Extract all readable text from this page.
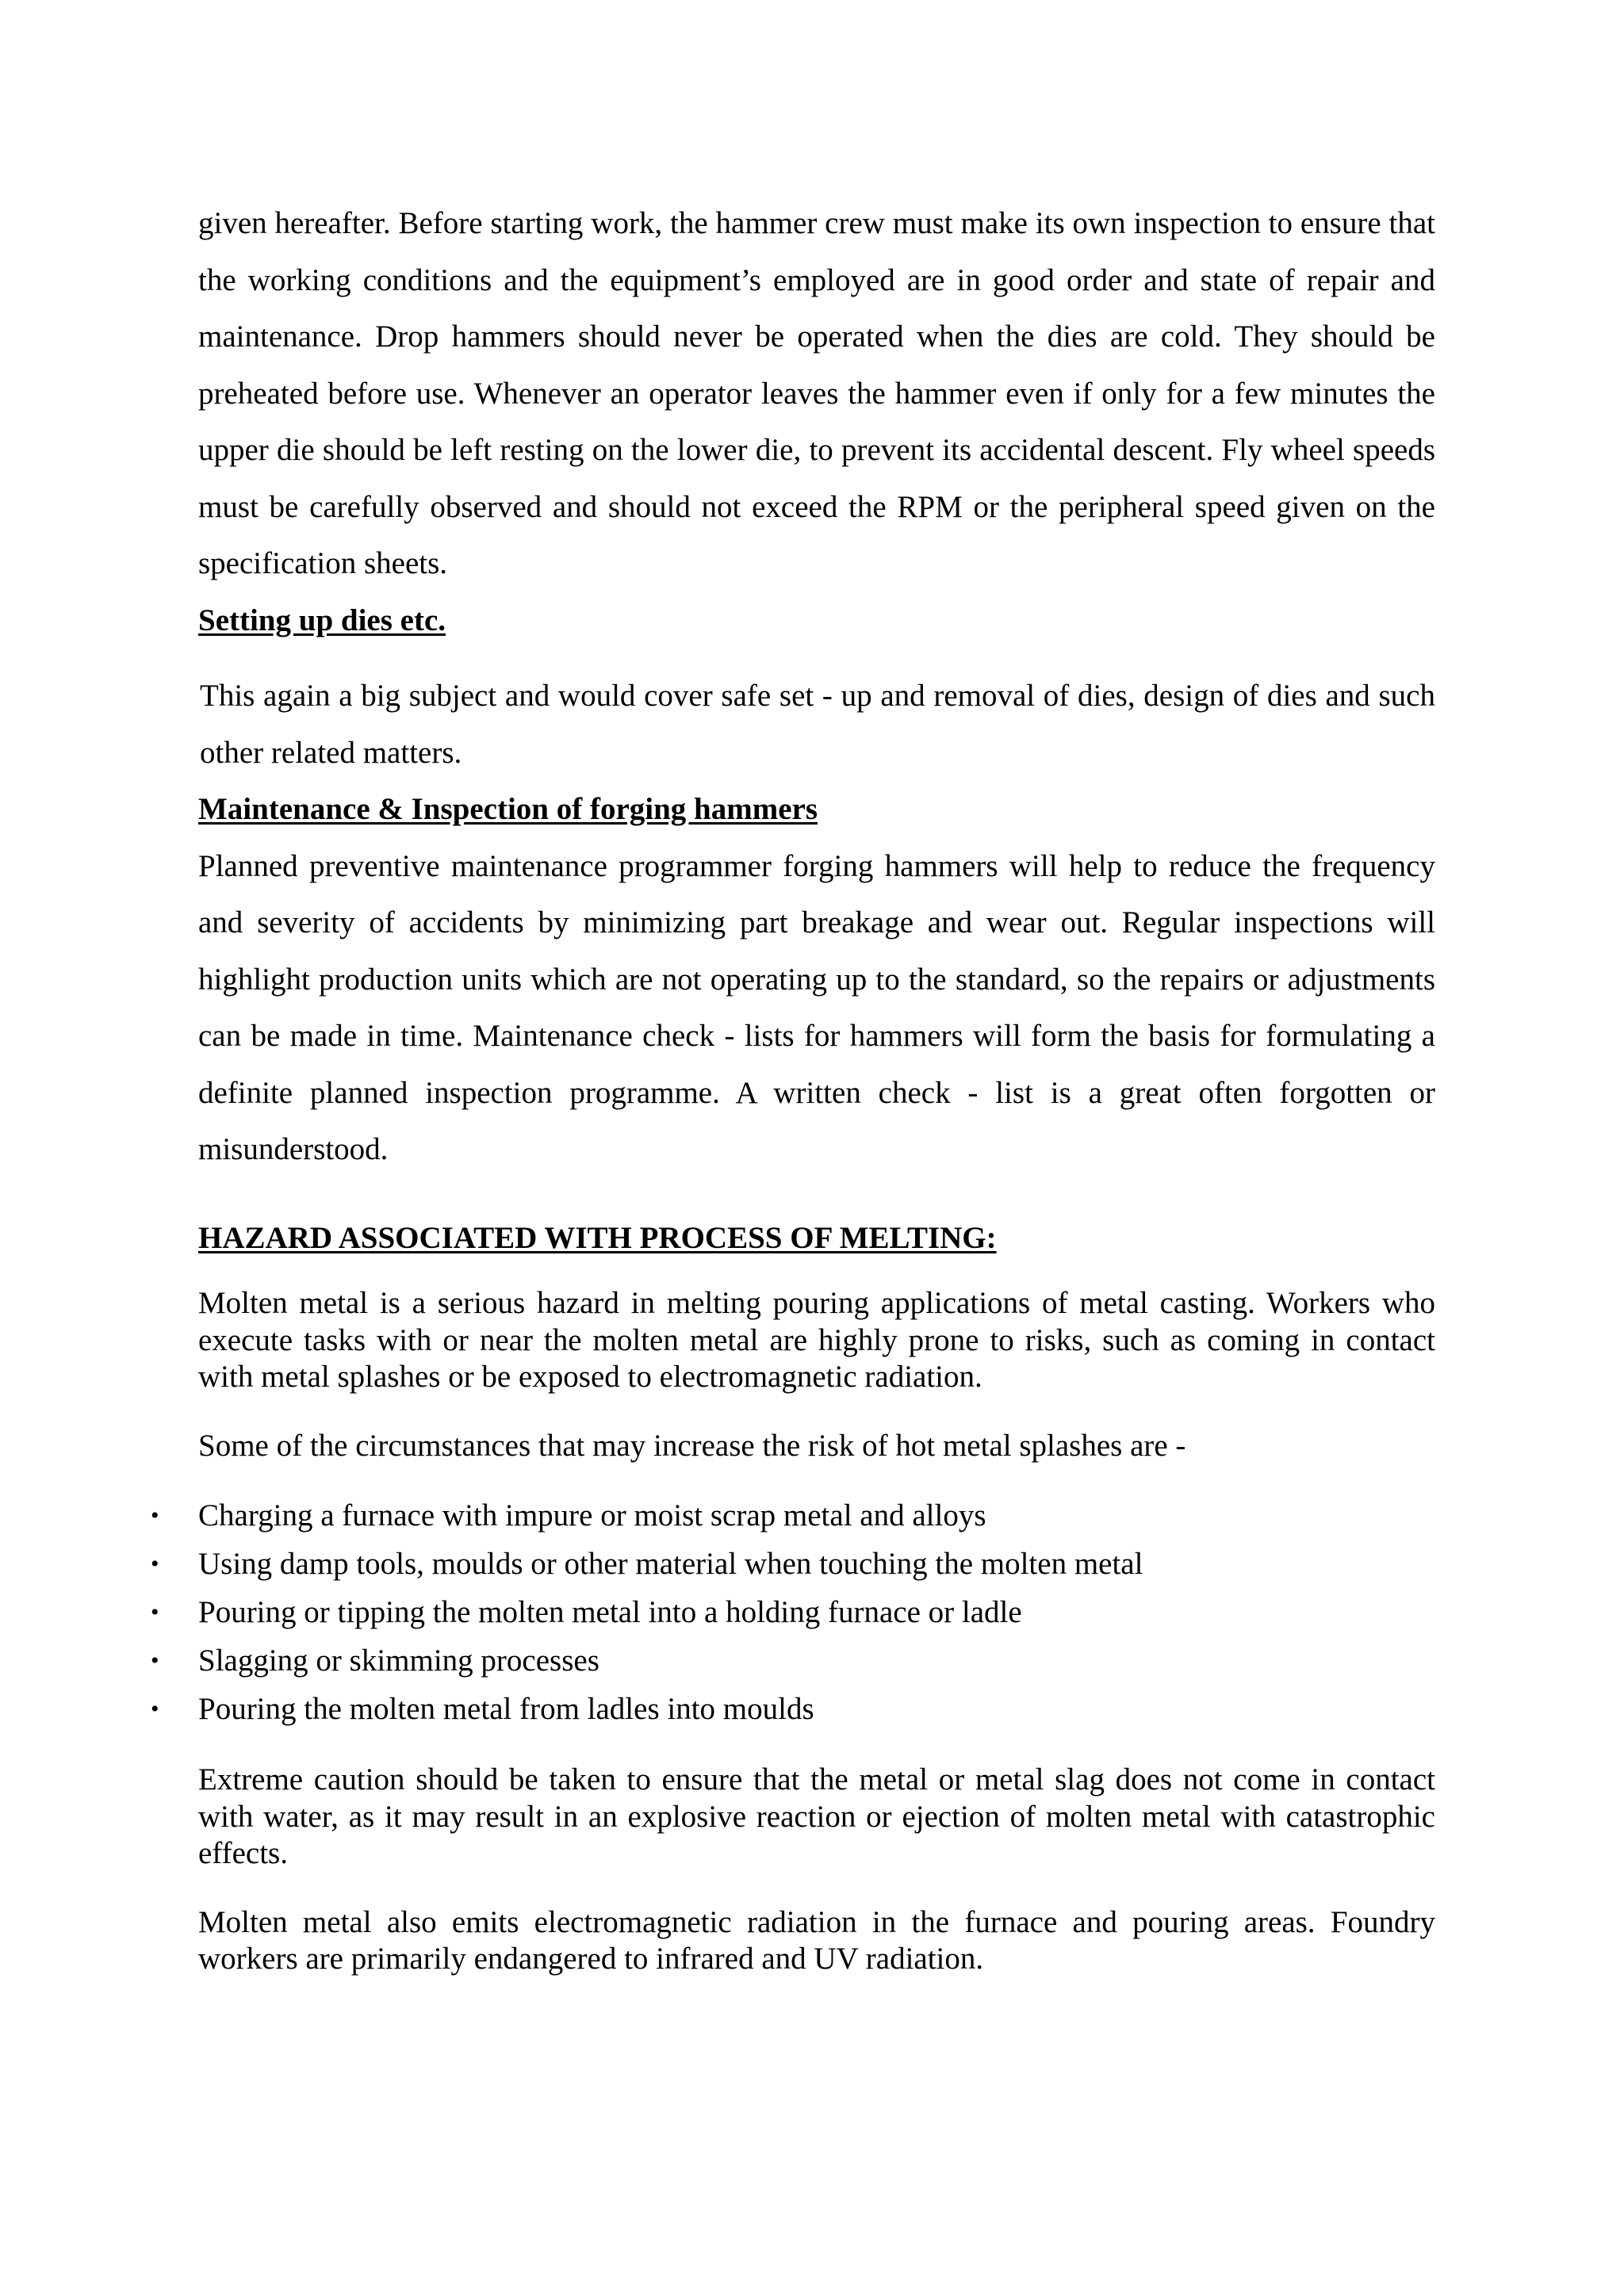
given hereafter. Before starting work, the hammer crew must make its own inspection to ensure that the working conditions and the equipment’s employed are in good order and state of repair and maintenance. Drop hammers should never be operated when the dies are cold. They should be preheated before use. Whenever an operator leaves the hammer even if only for a few minutes the upper die should be left resting on the lower die, to prevent its accidental descent. Fly wheel speeds must be carefully observed and should not exceed the RPM or the peripheral speed given on the specification sheets.

Setting up dies etc.

This again a big subject and would cover safe set - up and removal of dies, design of dies and such other related matters.

Maintenance & Inspection of forging hammers

Planned preventive maintenance programmer forging hammers will help to reduce the frequency and severity of accidents by minimizing part breakage and wear out. Regular inspections will highlight production units which are not operating up to the standard, so the repairs or adjustments can be made in time. Maintenance check - lists for hammers will form the basis for formulating a definite planned inspection programme. A written check - list is a great often forgotten or misunderstood.

HAZARD ASSOCIATED WITH PROCESS OF MELTING:

Molten metal is a serious hazard in melting pouring applications of metal casting. Workers who execute tasks with or near the molten metal are highly prone to risks, such as coming in contact with metal splashes or be exposed to electromagnetic radiation.

Some of the circumstances that may increase the risk of hot metal splashes are -

• Charging a furnace with impure or moist scrap metal and alloys
• Using damp tools, moulds or other material when touching the molten metal
• Pouring or tipping the molten metal into a holding furnace or ladle
• Slagging or skimming processes
• Pouring the molten metal from ladles into moulds

Extreme caution should be taken to ensure that the metal or metal slag does not come in contact with water, as it may result in an explosive reaction or ejection of molten metal with catastrophic effects.

Molten metal also emits electromagnetic radiation in the furnace and pouring areas. Foundry workers are primarily endangered to infrared and UV radiation.
